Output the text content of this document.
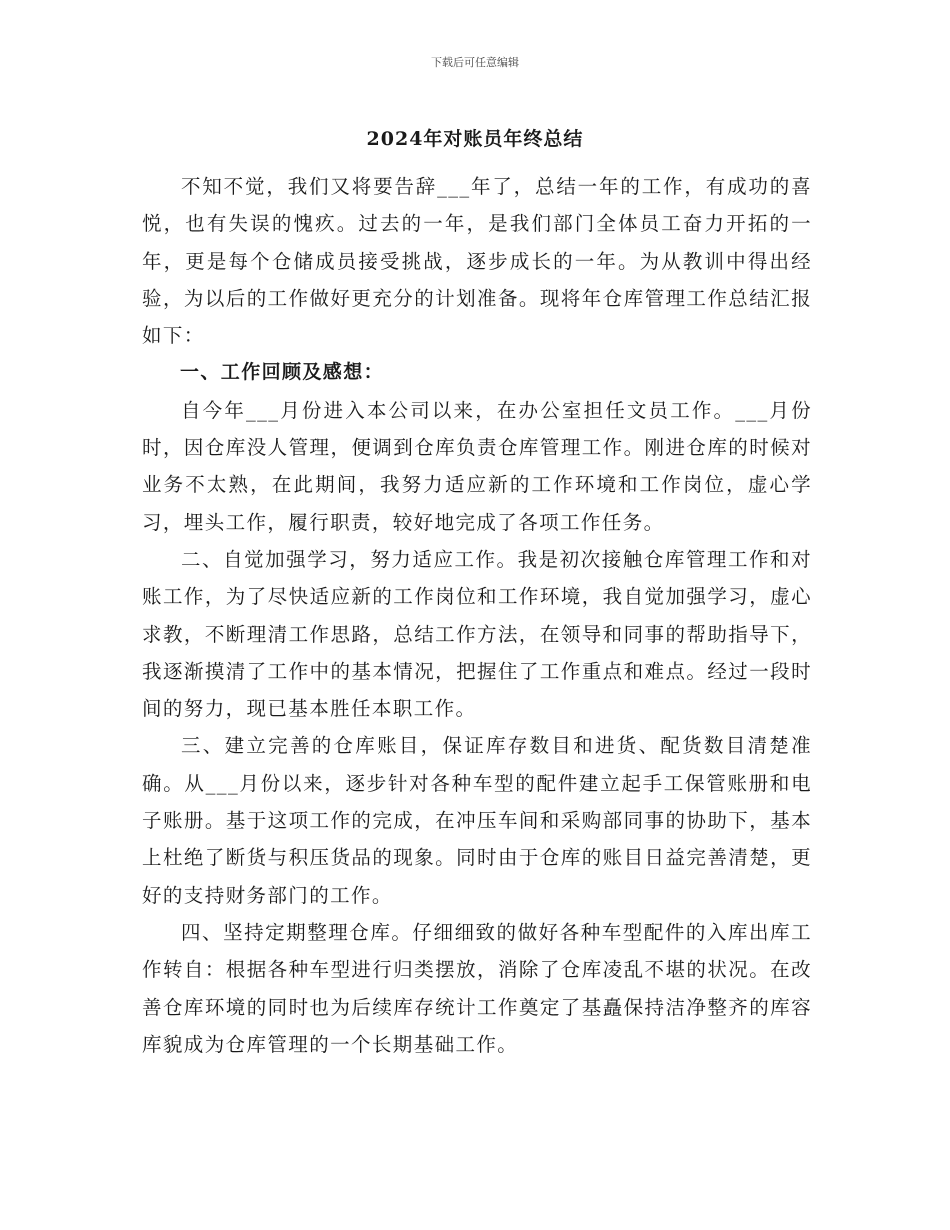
下载后可任意编辑
2024年对账员年终总结

不知不觉，我们又将要告辞___年了，总结一年的工作，有成功的喜悦，也有失误的愧疚。过去的一年，是我们部门全体员工奋力开拓的一年，更是每个仓储成员接受挑战，逐步成长的一年。为从教训中得出经验，为以后的工作做好更充分的计划准备。现将年仓库管理工作总结汇报如下：

一、工作回顾及感想：

自今年___月份进入本公司以来，在办公室担任文员工作。___月份时，因仓库没人管理，便调到仓库负责仓库管理工作。刚进仓库的时候对业务不太熟，在此期间，我努力适应新的工作环境和工作岗位，虚心学习，埋头工作，履行职责，较好地完成了各项工作任务。

二、自觉加强学习，努力适应工作。我是初次接触仓库管理工作和对账工作，为了尽快适应新的工作岗位和工作环境，我自觉加强学习，虚心求教，不断理清工作思路，总结工作方法，在领导和同事的帮助指导下，我逐渐摸清了工作中的基本情况，把握住了工作重点和难点。经过一段时间的努力，现已基本胜任本职工作。

三、建立完善的仓库账目，保证库存数目和进货、配货数目清楚准确。从___月份以来，逐步针对各种车型的配件建立起手工保管账册和电子账册。基于这项工作的完成，在冲压车间和采购部同事的协助下，基本上杜绝了断货与积压货品的现象。同时由于仓库的账目日益完善清楚，更好的支持财务部门的工作。

四、坚持定期整理仓库。仔细细致的做好各种车型配件的入库出库工作转自：根据各种车型进行归类摆放，消除了仓库凌乱不堪的状况。在改善仓库环境的同时也为后续库存统计工作奠定了基矗保持洁净整齐的库容库貌成为仓库管理的一个长期基础工作。
